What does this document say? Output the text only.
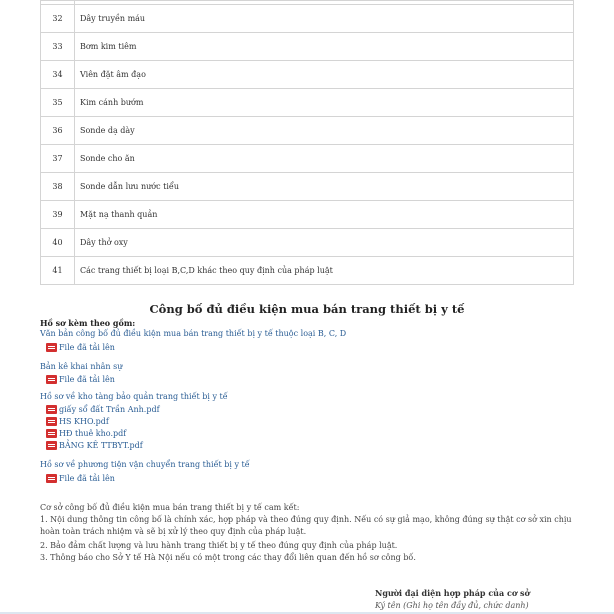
32	Dây truyền máu
33	Bơm kim tiêm
34	Viên đặt âm đạo
35	Kim cánh bướm
36	Sonde dạ dày
37	Sonde cho ăn
38	Sonde dẫn lưu nước tiểu
39	Mặt nạ thanh quản
40	Dây thở oxy
41	Các trang thiết bị loại B,C,D khác theo quy định của pháp luật
Công bố đủ điều kiện mua bán trang thiết bị y tế
Hồ sơ kèm theo gồm:
Văn bản công bố đủ điều kiện mua bán trang thiết bị y tế thuộc loại B, C, D
File đã tải lên
Bản kê khai nhân sự
File đã tải lên
Hồ sơ về kho tàng bảo quản trang thiết bị y tế
giấy sổ đất Trần Anh.pdf
HS KHO.pdf
HĐ thuê kho.pdf
BẢNG KÊ TTBYT.pdf
Hồ sơ về phương tiện vận chuyển trang thiết bị y tế
File đã tải lên
Cơ sở công bố đủ điều kiện mua bán trang thiết bị y tế cam kết:
1. Nội dung thông tin công bố là chính xác, hợp pháp và theo đúng quy định. Nếu có sự giả mạo, không đúng sự thật cơ sở xin chịu hoàn toàn trách nhiệm và sẽ bị xử lý theo quy định của pháp luật.
2. Bảo đảm chất lượng và lưu hành trang thiết bị y tế theo đúng quy định của pháp luật.
3. Thông báo cho Sở Y tế Hà Nội nếu có một trong các thay đổi liên quan đến hồ sơ công bố.
Người đại diện hợp pháp của cơ sở
Ký tên (Ghi họ tên đầy đủ, chức danh)
